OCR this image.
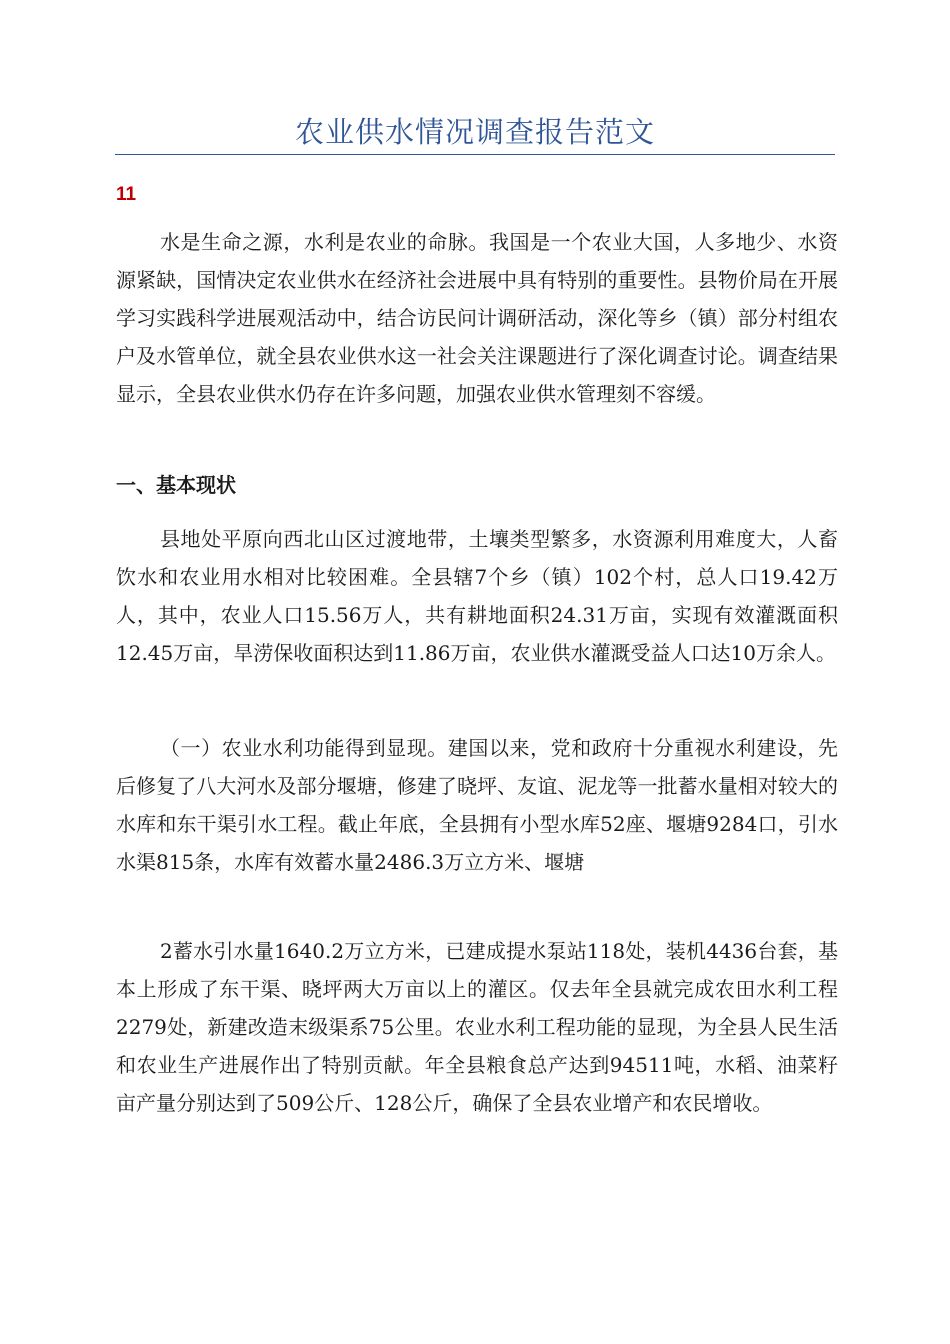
农业供水情况调查报告范文
11

水是生命之源，水利是农业的命脉。我国是一个农业大国，人多地少、水资源紧缺，国情决定农业供水在经济社会进展中具有特别的重要性。县物价局在开展学习实践科学进展观活动中，结合访民问计调研活动，深化等乡（镇）部分村组农户及水管单位，就全县农业供水这一社会关注课题进行了深化调查讨论。调查结果显示，全县农业供水仍存在许多问题，加强农业供水管理刻不容缓。

一、基本现状

县地处平原向西北山区过渡地带，土壤类型繁多，水资源利用难度大，人畜饮水和农业用水相对比较困难。全县辖7个乡（镇）102个村，总人口19.42万人，其中，农业人口15.56万人，共有耕地面积24.31万亩，实现有效灌溉面积12.45万亩，旱涝保收面积达到11.86万亩，农业供水灌溉受益人口达10万余人。

（一）农业水利功能得到显现。建国以来，党和政府十分重视水利建设，先后修复了八大河水及部分堰塘，修建了晓坪、友谊、泥龙等一批蓄水量相对较大的水库和东干渠引水工程。截止年底，全县拥有小型水库52座、堰塘9284口，引水水渠815条，水库有效蓄水量2486.3万立方米、堰塘

2蓄水引水量1640.2万立方米，已建成提水泵站118处，装机4436台套，基本上形成了东干渠、晓坪两大万亩以上的灌区。仅去年全县就完成农田水利工程2279处，新建改造末级渠系75公里。农业水利工程功能的显现，为全县人民生活和农业生产进展作出了特别贡献。年全县粮食总产达到94511吨，水稻、油菜籽亩产量分别达到了509公斤、128公斤，确保了全县农业增产和农民增收。
